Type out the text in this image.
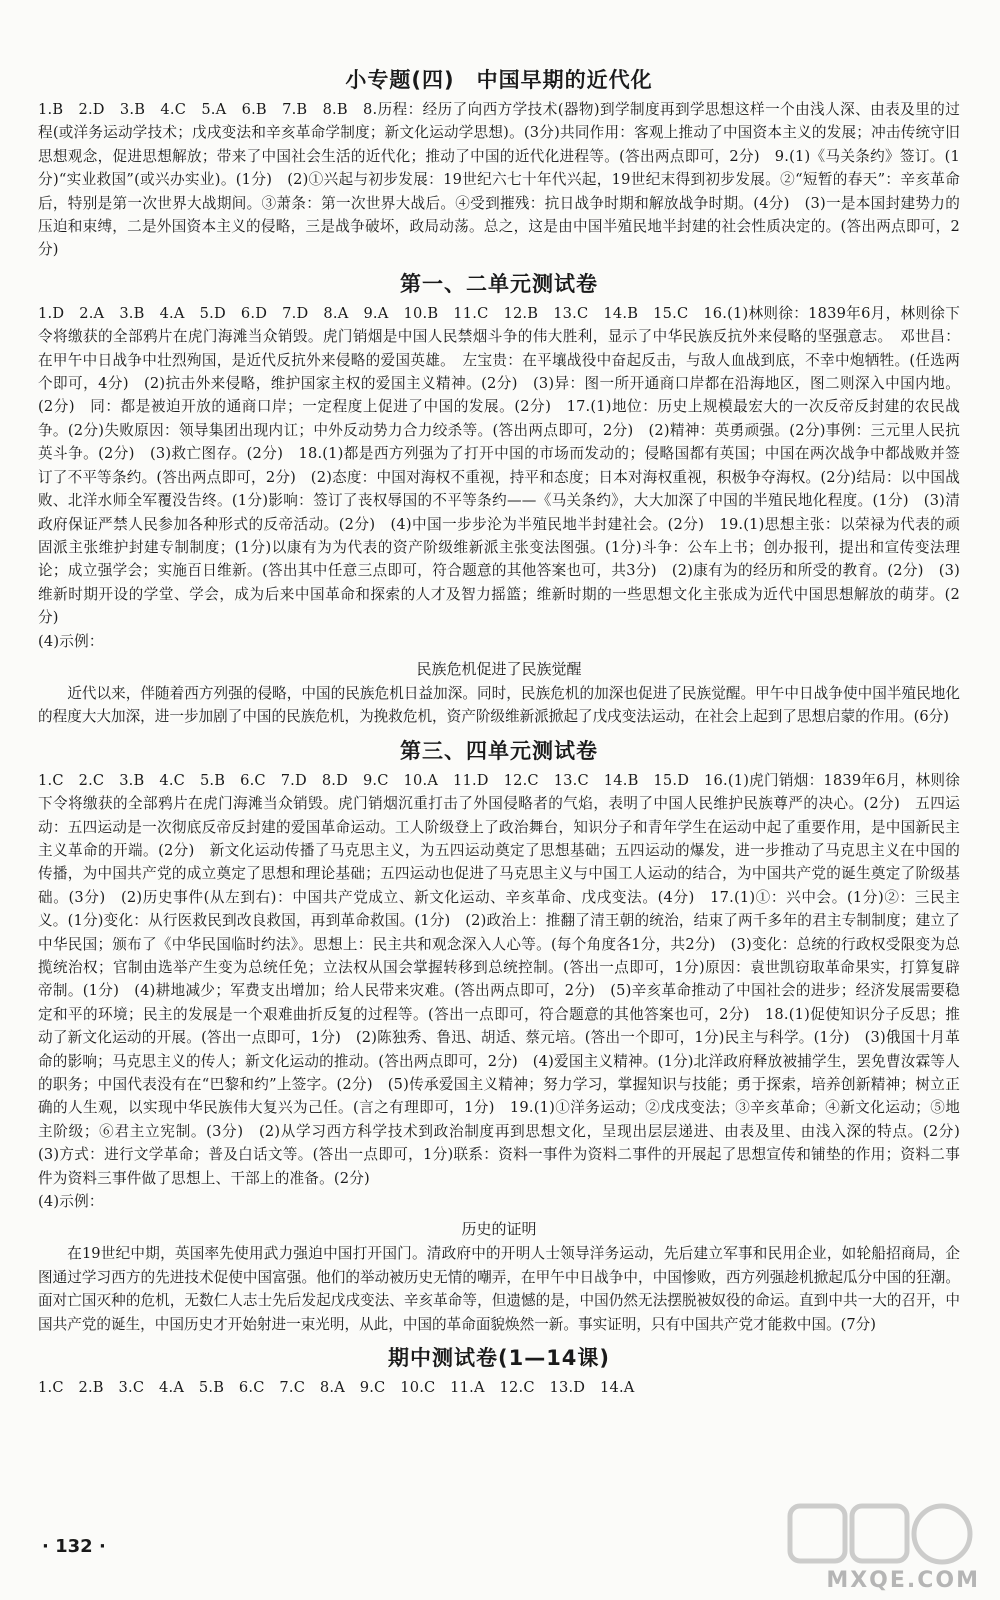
小专题(四)　中国早期的近代化

1.B　2.D　3.B　4.C　5.A　6.B　7.B　8.B　8.历程：经历了向西方学技术(器物)到学制度再到学思想这样一个由浅人深、由表及里的过程(或洋务运动学技术；戊戌变法和辛亥革命学制度；新文化运动学思想)。(3分)共同作用：客观上推动了中国资本主义的发展；冲击传统守旧思想观念，促进思想解放；带来了中国社会生活的近代化；推动了中国的近代化进程等。(答出两点即可，2分)　9.(1)《马关条约》签订。(1分)“实业救国”(或兴办实业)。(1分)　(2)①兴起与初步发展：19世纪六七十年代兴起，19世纪末得到初步发展。②“短暂的春天”：辛亥革命后，特别是第一次世界大战期间。③萧条：第一次世界大战后。④受到摧残：抗日战争时期和解放战争时期。(4分)　(3)一是本国封建势力的压迫和束缚，二是外国资本主义的侵略，三是战争破坏，政局动荡。总之，这是由中国半殖民地半封建的社会性质决定的。(答出两点即可，2分)

第一、二单元测试卷

1.D　2.A　3.B　4.A　5.D　6.D　7.D　8.A　9.A　10.B　11.C　12.B　13.C　14.B　15.C　16.(1)林则徐：1839年6月，林则徐下令将缴获的全部鸦片在虎门海滩当众销毁。虎门销烟是中国人民禁烟斗争的伟大胜利，显示了中华民族反抗外来侵略的坚强意志。　邓世昌：在甲午中日战争中壮烈殉国，是近代反抗外来侵略的爱国英雄。　左宝贵：在平壤战役中奋起反击，与敌人血战到底，不幸中炮牺牲。(任选两个即可，4分)　(2)抗击外来侵略，维护国家主权的爱国主义精神。(2分)　(3)异：图一所开通商口岸都在沿海地区，图二则深入中国内地。(2分)　同：都是被迫开放的通商口岸；一定程度上促进了中国的发展。(2分)　17.(1)地位：历史上规模最宏大的一次反帝反封建的农民战争。(2分)失败原因：领导集团出现内讧；中外反动势力合力绞杀等。(答出两点即可，2分)　(2)精神：英勇顽强。(2分)事例：三元里人民抗英斗争。(2分)　(3)救亡图存。(2分)　18.(1)都是西方列强为了打开中国的市场而发动的；侵略国都有英国；中国在两次战争中都战败并签订了不平等条约。(答出两点即可，2分)　(2)态度：中国对海权不重视，持平和态度；日本对海权重视，积极争夺海权。(2分)结局：以中国战败、北洋水师全军覆没告终。(1分)影响：签订了丧权辱国的不平等条约——《马关条约》，大大加深了中国的半殖民地化程度。(1分)　(3)清政府保证严禁人民参加各种形式的反帝活动。(2分)　(4)中国一步步沦为半殖民地半封建社会。(2分)　19.(1)思想主张：以荣禄为代表的顽固派主张维护封建专制制度；(1分)以康有为为代表的资产阶级维新派主张变法图强。(1分)斗争：公车上书；创办报刊，提出和宣传变法理论；成立强学会；实施百日维新。(答出其中任意三点即可，符合题意的其他答案也可，共3分)　(2)康有为的经历和所受的教育。(2分)　(3)维新时期开设的学堂、学会，成为后来中国革命和探索的人才及智力摇篮；维新时期的一些思想文化主张成为近代中国思想解放的萌芽。(2分)
(4)示例：

民族危机促进了民族觉醒

近代以来，伴随着西方列强的侵略，中国的民族危机日益加深。同时，民族危机的加深也促进了民族觉醒。甲午中日战争使中国半殖民地化的程度大大加深，进一步加剧了中国的民族危机，为挽救危机，资产阶级维新派掀起了戊戌变法运动，在社会上起到了思想启蒙的作用。(6分)

第三、四单元测试卷

1.C　2.C　3.B　4.C　5.B　6.C　7.D　8.D　9.C　10.A　11.D　12.C　13.C　14.B　15.D　16.(1)虎门销烟：1839年6月，林则徐下令将缴获的全部鸦片在虎门海滩当众销毁。虎门销烟沉重打击了外国侵略者的气焰，表明了中国人民维护民族尊严的决心。(2分)　五四运动：五四运动是一次彻底反帝反封建的爱国革命运动。工人阶级登上了政治舞台，知识分子和青年学生在运动中起了重要作用，是中国新民主主义革命的开端。(2分)　新文化运动传播了马克思主义，为五四运动奠定了思想基础；五四运动的爆发，进一步推动了马克思主义在中国的传播，为中国共产党的成立奠定了思想和理论基础；五四运动也促进了马克思主义与中国工人运动的结合，为中国共产党的诞生奠定了阶级基础。(3分)　(2)历史事件(从左到右)：中国共产党成立、新文化运动、辛亥革命、戊戌变法。(4分)　17.(1)①：兴中会。(1分)②：三民主义。(1分)变化：从行医救民到改良救国，再到革命救国。(1分)　(2)政治上：推翻了清王朝的统治，结束了两千多年的君主专制制度；建立了中华民国；颁布了《中华民国临时约法》。思想上：民主共和观念深入人心等。(每个角度各1分，共2分)　(3)变化：总统的行政权受限变为总揽统治权；官制由选举产生变为总统任免；立法权从国会掌握转移到总统控制。(答出一点即可，1分)原因：袁世凯窃取革命果实，打算复辟帝制。(1分)　(4)耕地减少；军费支出增加；给人民带来灾难。(答出两点即可，2分)　(5)辛亥革命推动了中国社会的进步；经济发展需要稳定和平的环境；民主的发展是一个艰难曲折反复的过程等。(答出一点即可，符合题意的其他答案也可，2分)　18.(1)促使知识分子反思；推动了新文化运动的开展。(答出一点即可，1分)　(2)陈独秀、鲁迅、胡适、蔡元培。(答出一个即可，1分)民主与科学。(1分)　(3)俄国十月革命的影响；马克思主义的传人；新文化运动的推动。(答出两点即可，2分)　(4)爱国主义精神。(1分)北洋政府释放被捕学生，罢免曹汝霖等人的职务；中国代表没有在“巴黎和约”上签字。(2分)　(5)传承爱国主义精神；努力学习，掌握知识与技能；勇于探索，培养创新精神；树立正确的人生观，以实现中华民族伟大复兴为己任。(言之有理即可，1分)　19.(1)①洋务运动；②戊戌变法；③辛亥革命；④新文化运动；⑤地主阶级；⑥君主立宪制。(3分)　(2)从学习西方科学技术到政治制度再到思想文化，呈现出层层递进、由表及里、由浅入深的特点。(2分)　(3)方式：进行文学革命；普及白话文等。(答出一点即可，1分)联系：资料一事件为资料二事件的开展起了思想宣传和铺垫的作用；资料二事件为资料三事件做了思想上、干部上的准备。(2分)
(4)示例：

历史的证明

在19世纪中期，英国率先使用武力强迫中国打开国门。清政府中的开明人士领导洋务运动，先后建立军事和民用企业，如轮船招商局，企图通过学习西方的先进技术促使中国富强。他们的举动被历史无情的嘲弄，在甲午中日战争中，中国惨败，西方列强趁机掀起瓜分中国的狂潮。面对亡国灭种的危机，无数仁人志士先后发起戊戌变法、辛亥革命等，但遗憾的是，中国仍然无法摆脱被奴役的命运。直到中共一大的召开，中国共产党的诞生，中国历史才开始射进一束光明，从此，中国的革命面貌焕然一新。事实证明，只有中国共产党才能救中国。(7分)

期中测试卷(1—14课)

1.C　2.B　3.C　4.A　5.B　6.C　7.C　8.A　9.C　10.C　11.A　12.C　13.D　14.A

· 132 ·
MXQE.COM
